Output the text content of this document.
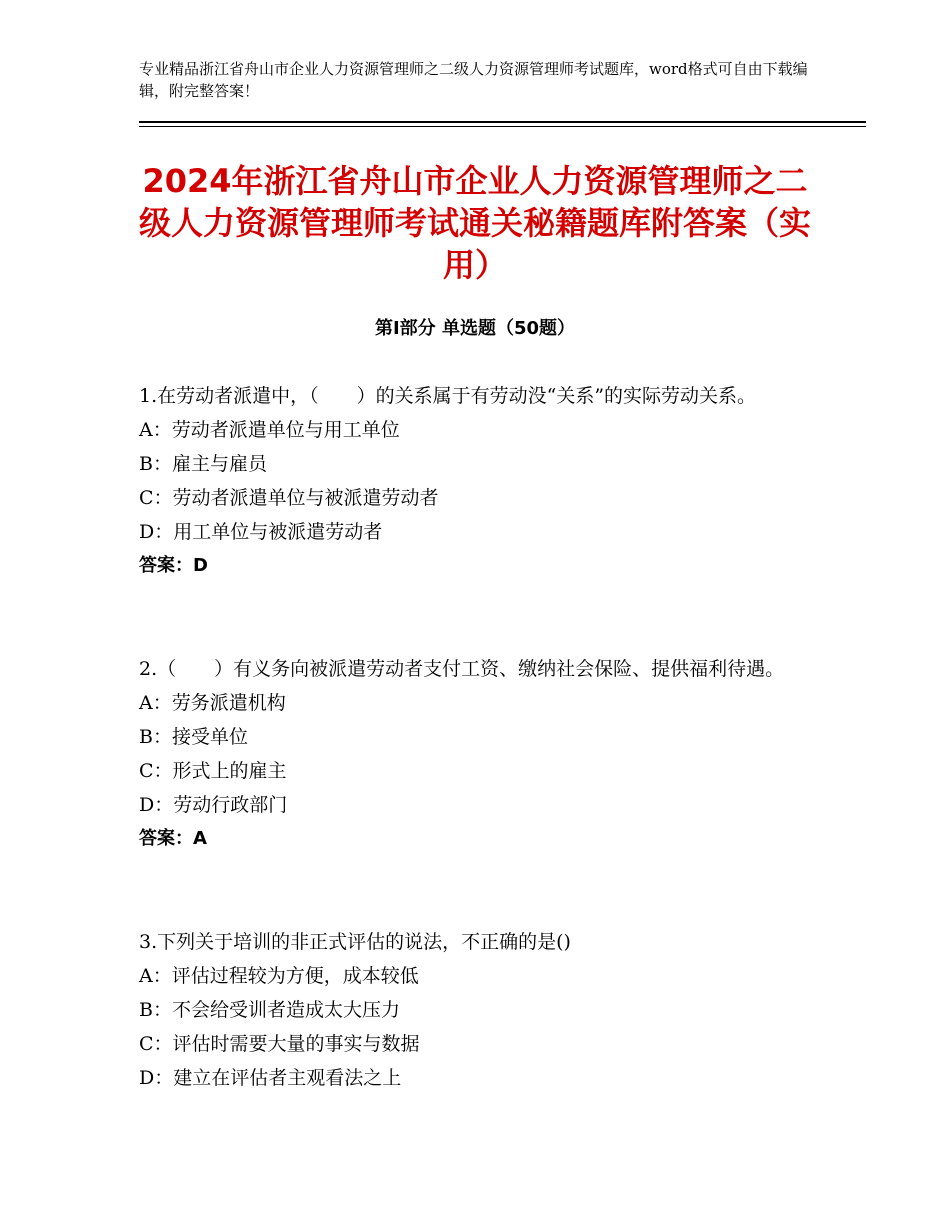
专业精品浙江省舟山市企业人力资源管理师之二级人力资源管理师考试题库，word格式可自由下载编辑，附完整答案！
2024年浙江省舟山市企业人力资源管理师之二级人力资源管理师考试通关秘籍题库附答案（实用）
第Ⅰ部分 单选题（50题）
1.在劳动者派遣中，（　　）的关系属于有劳动没“关系”的实际劳动关系。
A：劳动者派遣单位与用工单位
B：雇主与雇员
C：劳动者派遣单位与被派遣劳动者
D：用工单位与被派遣劳动者
答案：D
2.（　　）有义务向被派遣劳动者支付工资、缴纳社会保险、提供福利待遇。
A：劳务派遣机构
B：接受单位
C：形式上的雇主
D：劳动行政部门
答案：A
3.下列关于培训的非正式评估的说法，不正确的是()
A：评估过程较为方便，成本较低
B：不会给受训者造成太大压力
C：评估时需要大量的事实与数据
D：建立在评估者主观看法之上
